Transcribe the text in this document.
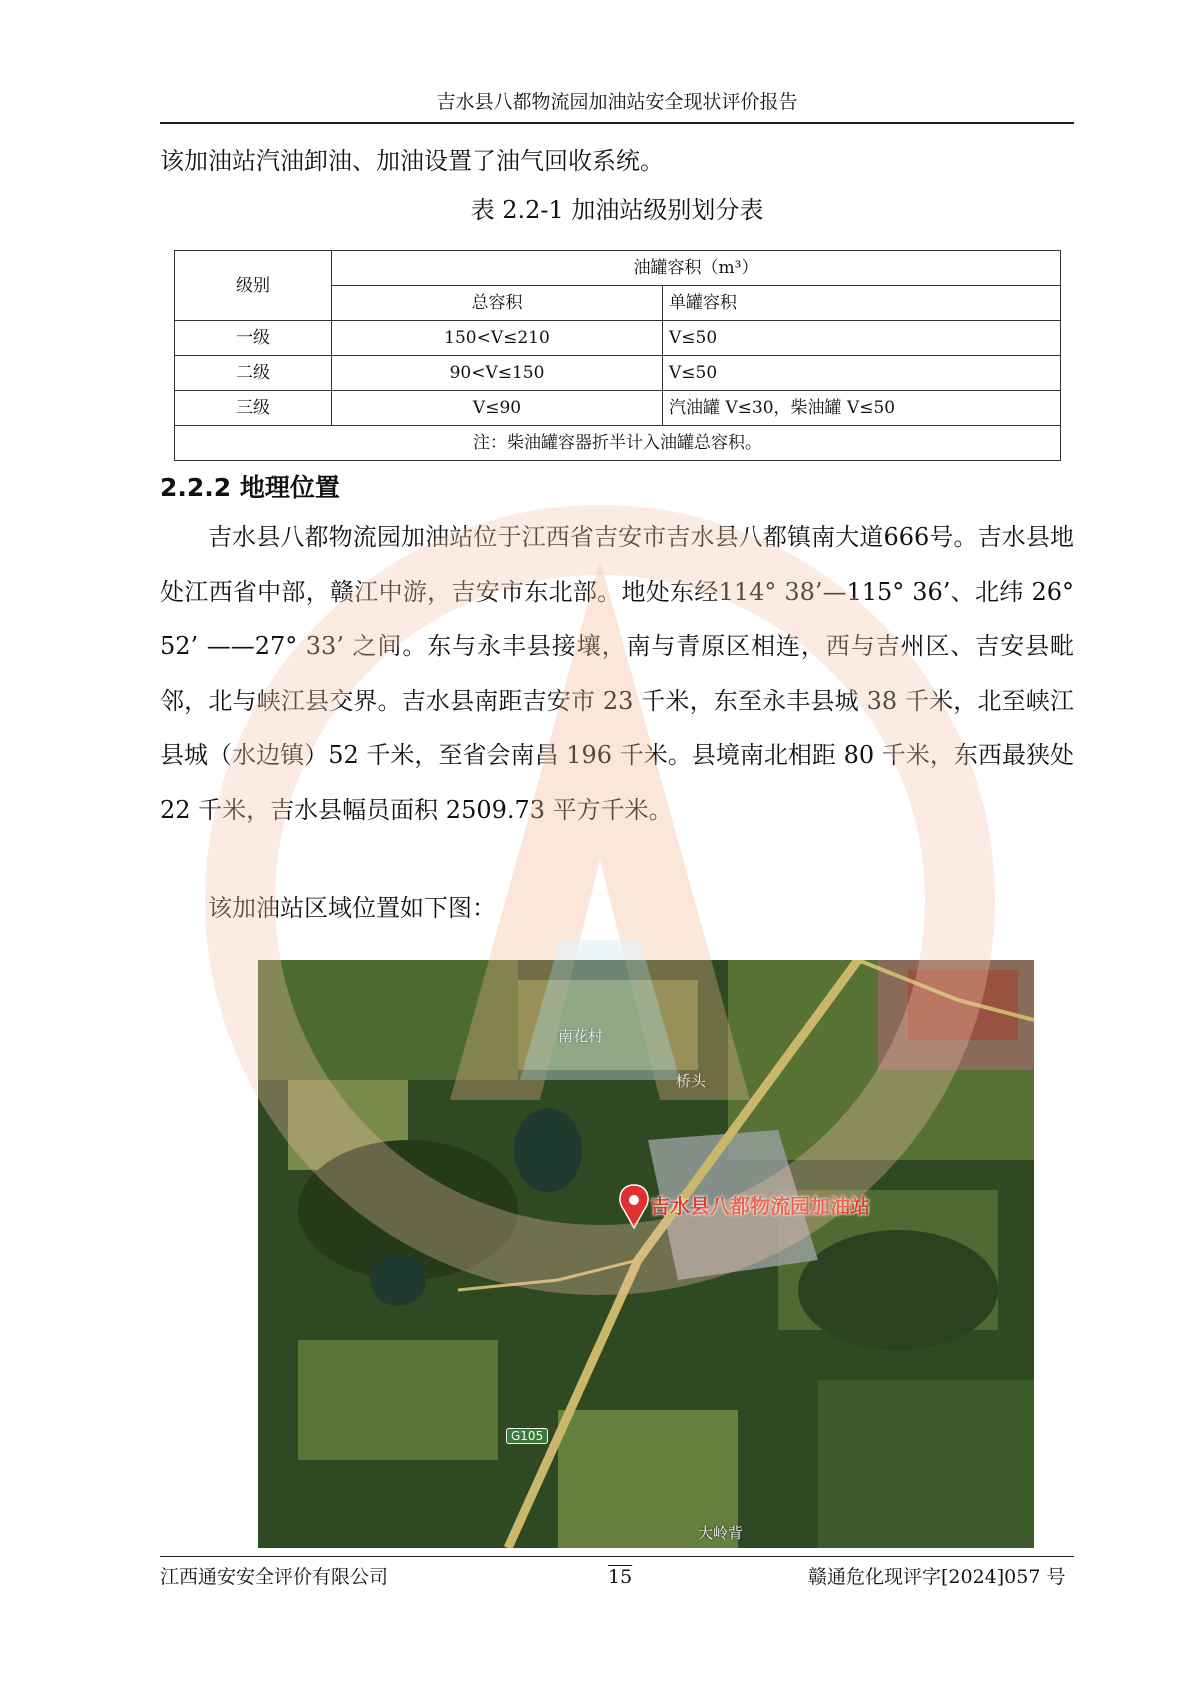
吉水县八都物流园加油站安全现状评价报告
该加油站汽油卸油、加油设置了油气回收系统。
表 2.2-1 加油站级别划分表
级别	油罐容积（m³）	
	总容积	单罐容积
一级	150<V≤210	V≤50
二级	90<V≤150	V≤50
三级	V≤90	汽油罐 V≤30，柴油罐 V≤50
注：柴油罐容器折半计入油罐总容积。		
2.2.2 地理位置
吉水县八都物流园加油站位于江西省吉安市吉水县八都镇南大道666号。吉水县地处江西省中部，赣江中游，吉安市东北部。地处东经114° 38’—115° 36’、北纬 26° 52’ ——27° 33’ 之间。东与永丰县接壤，南与青原区相连，西与吉州区、吉安县毗邻，北与峡江县交界。吉水县南距吉安市 23 千米，东至永丰县城 38 千米，北至峡江县城（水边镇）52 千米，至省会南昌 196 千米。县境南北相距 80 千米，东西最狭处 22 千米，吉水县幅员面积 2509.73 平方千米。
该加油站区域位置如下图：
南花村
桥头
吉水县八都物流园加油站
G105
大岭背
江西通安安全评价有限公司	15	赣通危化现评字[2024]057 号
